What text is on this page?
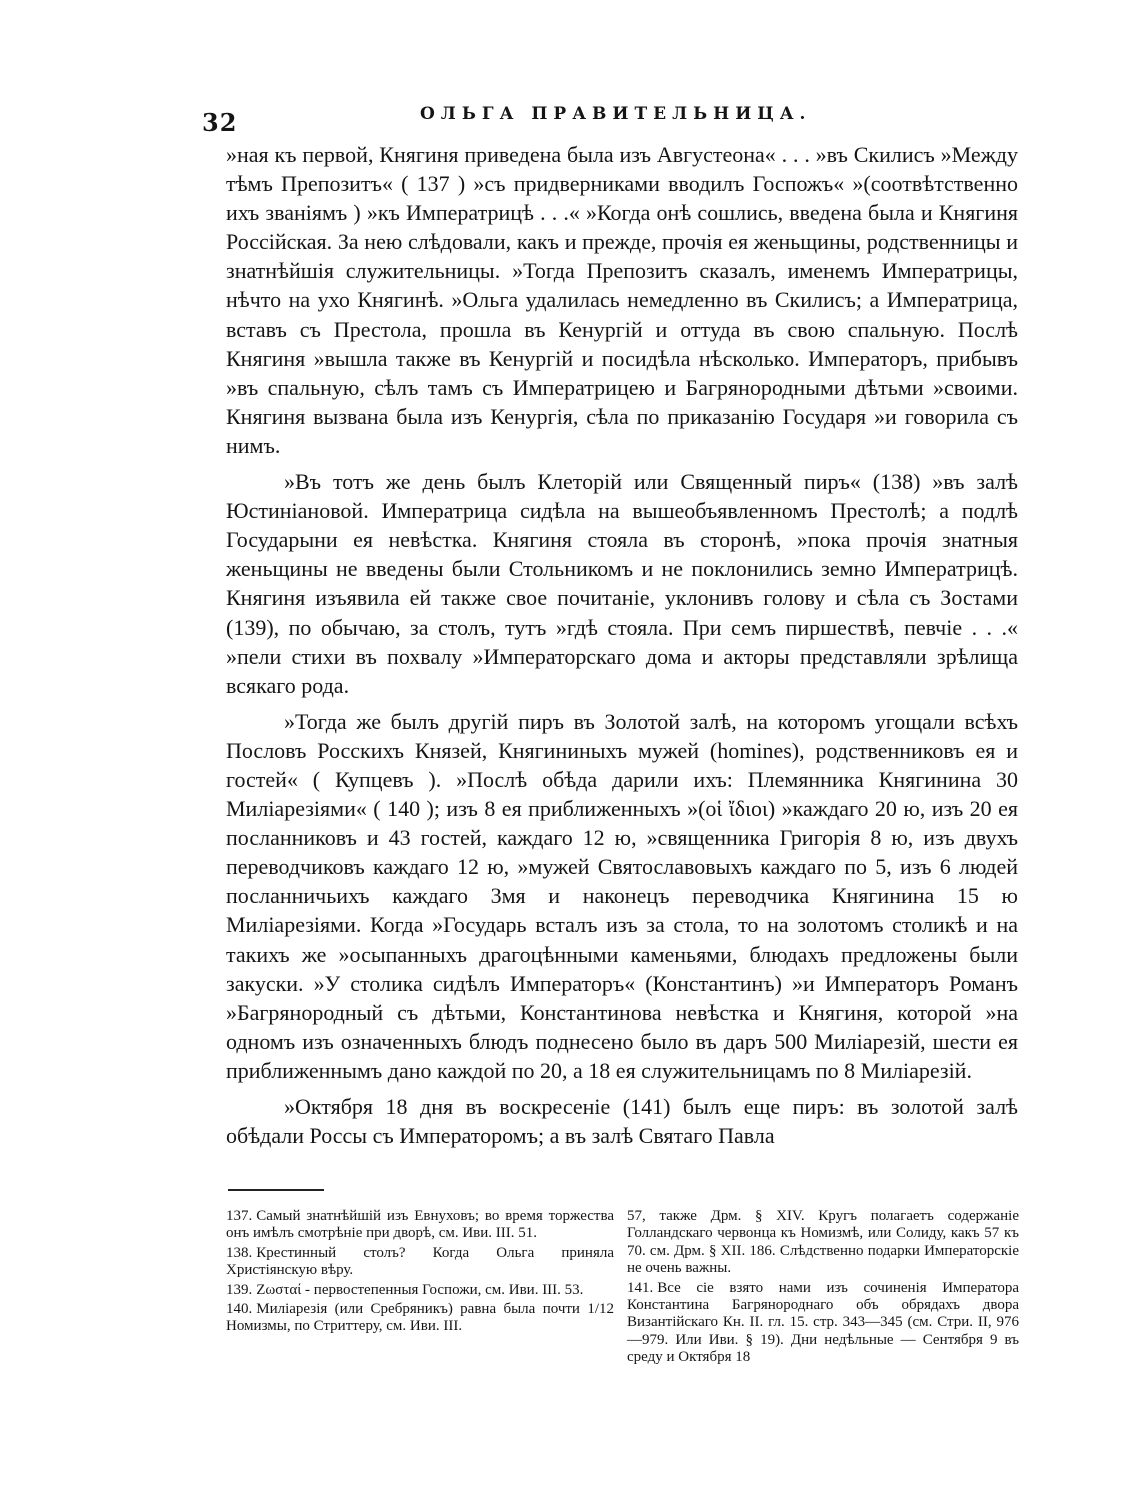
32	ОЛЬГА ПРАВИТЕЛЬНИЦА.

»ная къ первой, Княгиня приведена была изъ Августеона« . . . »въ Скилисъ »Между тѣмъ Препозитъ« ( 137 ) »съ придверниками вводилъ Госпожъ« »(соотвѣтственно ихъ званiямъ ) »къ Императрицѣ . . .« »Когда онѣ сошлись, введена была и Княгиня Россiйская. За нею слѣдовали, какъ и прежде, прочiя ея женьщины, родственницы и знатнѣйшiя служительницы. »Тогда Препозитъ сказалъ, именемъ Императрицы, нѣчто на ухо Княгинѣ. »Ольга удалилась немедленно въ Скилисъ; а Императрица, вставъ съ Престола, прошла въ Кенургiй и оттуда въ свою спальную. Послѣ Княгиня »вышла также въ Кенургiй и посидѣла нѣсколько. Императоръ, прибывъ »въ спальную, сѣлъ тамъ съ Императрицею и Багрянородными дѣтьми »своими. Княгиня вызвана была изъ Кенургiя, сѣла по приказанiю Государя »и говорила съ нимъ.

»Въ тотъ же день былъ Клеторiй или Священный пиръ« (138) »въ залѣ Юстинiановой. Императрица сидѣла на вышеобъявленномъ Престолѣ; а подлѣ Государыни ея невѣстка. Княгиня стояла въ сторонѣ, »пока прочiя знатныя женьщины не введены были Стольникомъ и не поклонились земно Императрицѣ. Княгиня изъявила ей также свое почитанiе, уклонивъ голову и сѣла съ Зостами (139), по обычаю, за столъ, тутъ »гдѣ стояла. При семъ пиршествѣ, певчiе . . .« »пели стихи въ похвалу »Императорскаго дома и акторы представляли зрѣлища всякаго рода.

»Тогда же былъ другiй пиръ въ Золотой залѣ, на которомъ угощали всѣхъ Пословъ Росскихъ Князей, Княгининыхъ мужей (homines), родственниковъ ея и гостей« ( Купцевъ ). »Послѣ обѣда дарили ихъ: Племянника Княгинина 30 Милiарезiями« ( 140 ); изъ 8 ея приближенныхъ »(οἱ ἴδιοι) »каждаго 20 ю, изъ 20 ея посланниковъ и 43 гостей, каждаго 12 ю, »священника Григорiя 8 ю, изъ двухъ переводчиковъ каждаго 12 ю, »мужей Святославовыхъ каждаго по 5, изъ 6 людей посланничьихъ каждаго 3мя и наконецъ переводчика Княгинина 15 ю Милiарезiями. Когда »Государь всталъ изъ за стола, то на золотомъ столикѣ и на такихъ же »осыпанныхъ драгоцѣнными каменьями, блюдахъ предложены были закуски. »У столика сидѣлъ Императоръ« (Константинъ) »и Императоръ Романъ »Багрянородный съ дѣтьми, Константинова невѣстка и Княгиня, которой »на одномъ изъ означенныхъ блюдъ поднесено было въ даръ 500 Милiарезiй, шести ея приближеннымъ дано каждой по 20, а 18 ея служительницамъ по 8 Милiарезiй.

»Октября 18 дня въ воскресенiе (141) былъ еще пиръ: въ золотой залѣ обѣдали Россы съ Императоромъ; а въ залѣ Святаго Павла

137. Самый знатнѣйшiй изъ Евнуховъ; во время торжества онъ имѣлъ смотрѣнiе при дворѣ, см. Иви. III. 51.

138. Крестинный столъ? Когда Ольга приняла Христiянскую вѣру.

139. Ζωσταί - первостепенныя Госпожи, см. Иви. III. 53.

140. Милiарезiя (или Сребряникъ) равна была почти 1/12 Номизмы, по Стриттеру, см. Иви. III.

57, также Дрм. § XIV. Кругъ полагаетъ содержанiе Голландскаго червонца къ Номизмѣ, или Солиду, какъ 57 къ 70. см. Дрм. § XII. 186. Слѣдственно подарки Императорскiе не очень важны.

141. Все сiе взято нами изъ сочиненiя Императора Константина Багрянороднаго объ обрядахъ двора Византiйскаго Кн. II. гл. 15. стр. 343—345 (см. Стри. II, 976—979. Или Иви. § 19). Дни недѣльные — Сентября 9 въ среду и Октября 18
